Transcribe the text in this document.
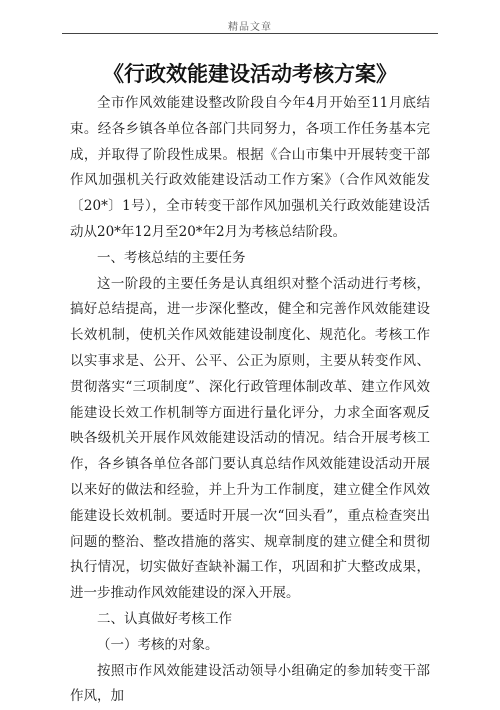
精品文章
《行政效能建设活动考核方案》

全市作风效能建设整改阶段自今年4月开始至11月底结束。经各乡镇各单位各部门共同努力，各项工作任务基本完成，并取得了阶段性成果。根据《合山市集中开展转变干部作风加强机关行政效能建设活动工作方案》（合作风效能发〔20*〕1号），全市转变干部作风加强机关行政效能建设活动从20*年12月至20*年2月为考核总结阶段。

一、考核总结的主要任务

这一阶段的主要任务是认真组织对整个活动进行考核，搞好总结提高，进一步深化整改，健全和完善作风效能建设长效机制，使机关作风效能建设制度化、规范化。考核工作以实事求是、公开、公平、公正为原则，主要从转变作风、贯彻落实“三项制度”、深化行政管理体制改革、建立作风效能建设长效工作机制等方面进行量化评分，力求全面客观反映各级机关开展作风效能建设活动的情况。结合开展考核工作，各乡镇各单位各部门要认真总结作风效能建设活动开展以来好的做法和经验，并上升为工作制度，建立健全作风效能建设长效机制。要适时开展一次“回头看”，重点检查突出问题的整治、整改措施的落实、规章制度的建立健全和贯彻执行情况，切实做好查缺补漏工作，巩固和扩大整改成果，进一步推动作风效能建设的深入开展。

二、认真做好考核工作

（一）考核的对象。

按照市作风效能建设活动领导小组确定的参加转变干部作风，加
